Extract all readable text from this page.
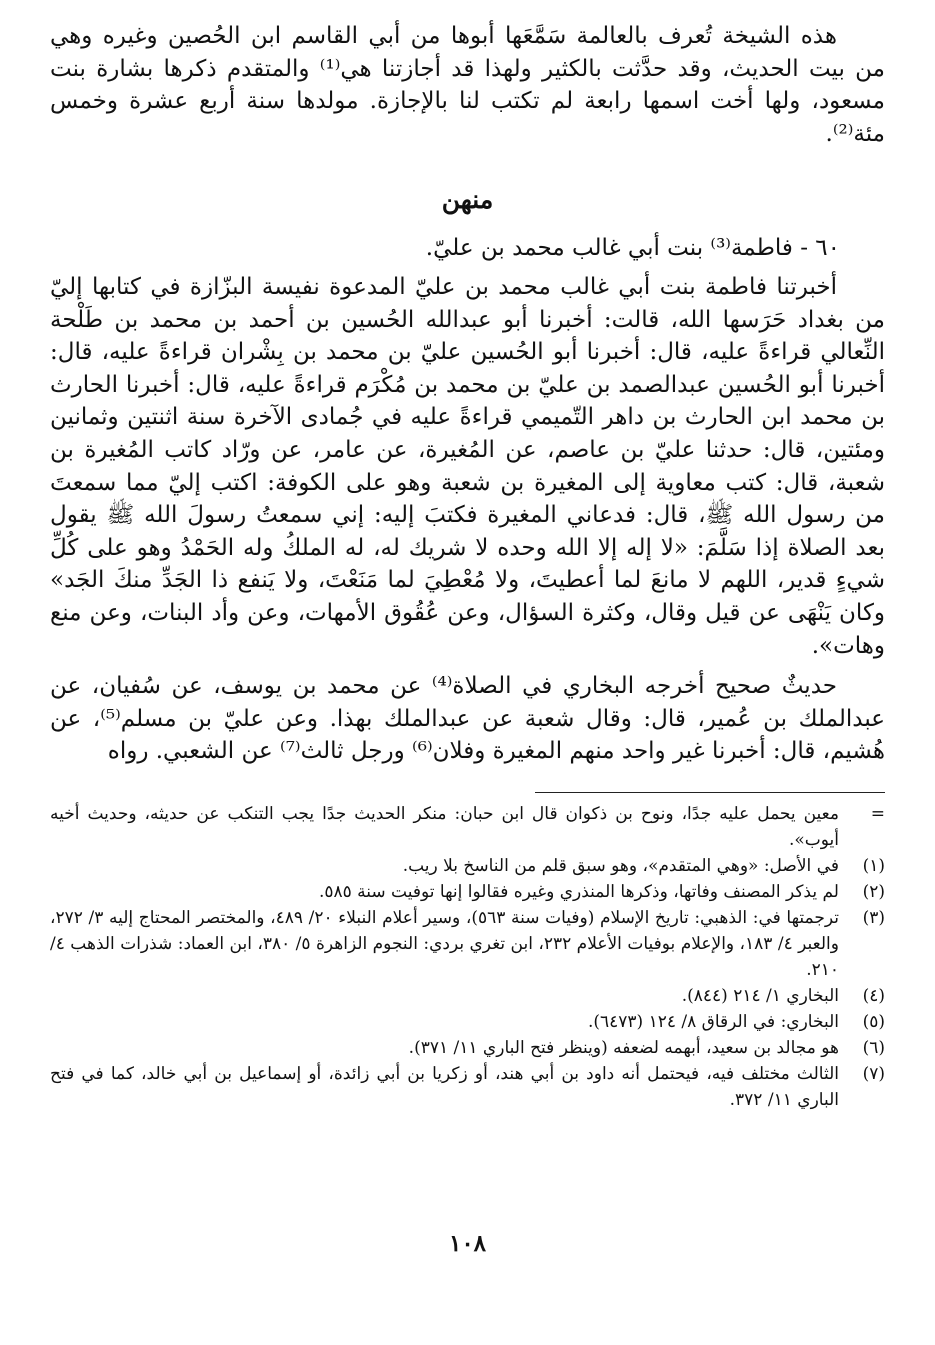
هذه الشيخة تُعرف بالعالمة سَمَّعَها أبوها من أبي القاسم ابن الحُصين وغيره وهي من بيت الحديث، وقد حدَّثت بالكثير ولهذا قد أجازتنا هي⁽¹⁾ والمتقدم ذكرها بشارة بنت مسعود، ولها أخت اسمها رابعة لم تكتب لنا بالإجازة. مولدها سنة أربع عشرة وخمس مئة⁽²⁾.

منهن

٦٠ - فاطمة⁽³⁾ بنت أبي غالب محمد بن عليّ.

أخبرتنا فاطمة بنت أبي غالب محمد بن عليّ المدعوة نفيسة البزّازة في كتابها إليّ من بغداد حَرَسها الله، قالت: أخبرنا أبو عبدالله الحُسين بن أحمد بن محمد بن طَلْحة النِّعالي قراءةً عليه، قال: أخبرنا أبو الحُسين عليّ بن محمد بن بِشْران قراءةً عليه، قال: أخبرنا أبو الحُسين عبدالصمد بن عليّ بن محمد بن مُكْرَم قراءةً عليه، قال: أخبرنا الحارث بن محمد ابن الحارث بن داهر التّميمي قراءةً عليه في جُمادى الآخرة سنة اثنتين وثمانين ومئتين، قال: حدثنا عليّ بن عاصم، عن المُغيرة، عن عامر، عن ورّاد كاتب المُغيرة بن شعبة، قال: كتب معاوية إلى المغيرة بن شعبة وهو على الكوفة: اكتب إليّ مما سمعتَ من رسول الله ﷺ، قال: فدعاني المغيرة فكتبَ إليه: إني سمعتُ رسولَ الله ﷺ يقول بعد الصلاة إذا سَلَّمَ: «لا إله إلا الله وحده لا شريك له، له الملكُ وله الحَمْدُ وهو على كُلِّ شيءٍ قدير، اللهم لا مانعَ لما أعطيتَ، ولا مُعْطِيَ لما مَنَعْتَ، ولا يَنفع ذا الجَدِّ منكَ الجَد» وكان يَنْهَى عن قيل وقال، وكثرة السؤال، وعن عُقُوق الأمهات، وعن وأد البنات، وعن منع وهات».

حديثٌ صحيح أخرجه البخاري في الصلاة⁽⁴⁾ عن محمد بن يوسف، عن سُفيان، عن عبدالملك بن عُمير، قال: وقال شعبة عن عبدالملك بهذا. وعن عليّ بن مسلم⁽⁵⁾، عن هُشيم، قال: أخبرنا غير واحد منهم المغيرة وفلان⁽⁶⁾ ورجل ثالث⁽⁷⁾ عن الشعبي. رواه

=
معين يحمل عليه جدًا، ونوح بن ذكوان قال ابن حبان: منكر الحديث جدًا يجب التنكب عن حديثه، وحديث أخيه أيوب».
(١)
في الأصل: «وهي المتقدم»، وهو سبق قلم من الناسخ بلا ريب.
(٢)
لم يذكر المصنف وفاتها، وذكرها المنذري وغيره فقالوا إنها توفيت سنة ٥٨٥.
(٣)
ترجمتها في: الذهبي: تاريخ الإسلام (وفيات سنة ٥٦٣)، وسير أعلام النبلاء ٢٠/ ٤٨٩، والمختصر المحتاج إليه ٣/ ٢٧٢، والعبر ٤/ ١٨٣، والإعلام بوفيات الأعلام ٢٣٢، ابن تغري بردي: النجوم الزاهرة ٥/ ٣٨٠، ابن العماد: شذرات الذهب ٤/ ٢١٠.
(٤)
البخاري ١/ ٢١٤ (٨٤٤).
(٥)
البخاري: في الرقاق ٨/ ١٢٤ (٦٤٧٣).
(٦)
هو مجالد بن سعيد، أبهمه لضعفه (وينظر فتح الباري ١١/ ٣٧١).
(٧)
الثالث مختلف فيه، فيحتمل أنه داود بن أبي هند، أو زكريا بن أبي زائدة، أو إسماعيل بن أبي خالد، كما في فتح الباري ١١/ ٣٧٢.
١٠٨
